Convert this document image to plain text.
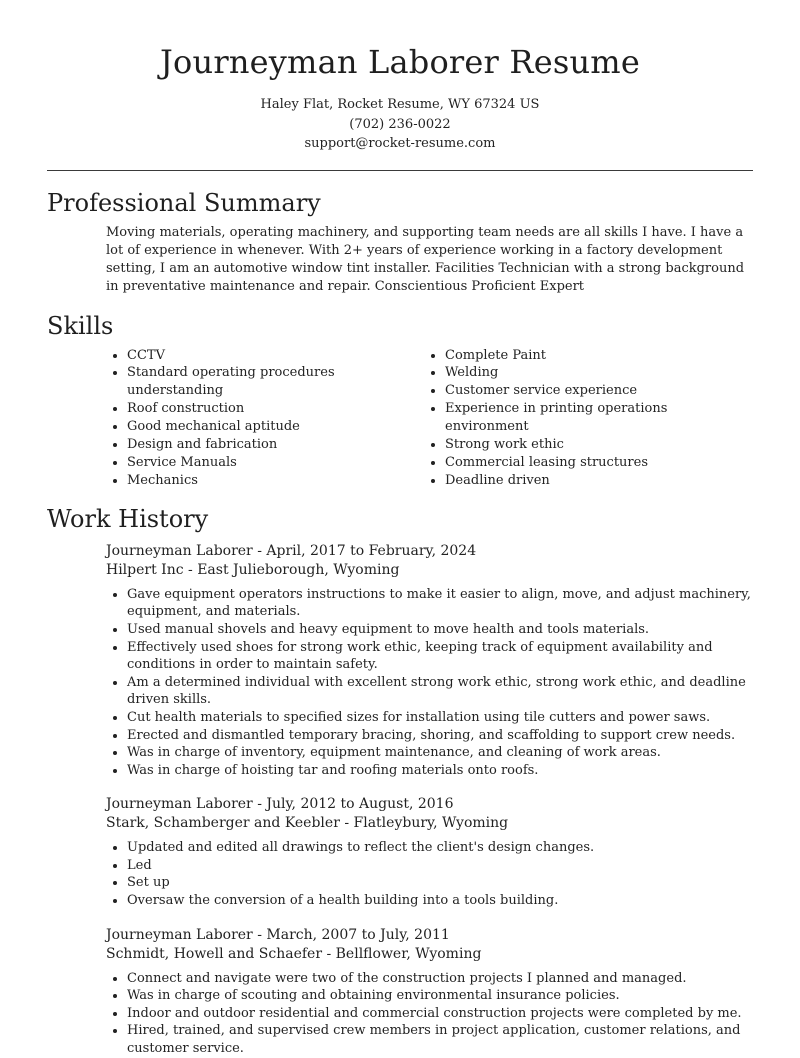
Journeyman Laborer Resume
Haley Flat, Rocket Resume, WY 67324 US
(702) 236-0022
support@rocket-resume.com
Professional Summary
Moving materials, operating machinery, and supporting team needs are all skills I have. I have a lot of experience in whenever. With 2+ years of experience working in a factory development setting, I am an automotive window tint installer. Facilities Technician with a strong background in preventative maintenance and repair. Conscientious Proficient Expert
Skills
• CCTV
• Standard operating procedures understanding
• Roof construction
• Good mechanical aptitude
• Design and fabrication
• Service Manuals
• Mechanics
• Complete Paint
• Welding
• Customer service experience
• Experience in printing operations environment
• Strong work ethic
• Commercial leasing structures
• Deadline driven
Work History
Journeyman Laborer - April, 2017 to February, 2024
Hilpert Inc - East Julieborough, Wyoming
• Gave equipment operators instructions to make it easier to align, move, and adjust machinery, equipment, and materials.
• Used manual shovels and heavy equipment to move health and tools materials.
• Effectively used shoes for strong work ethic, keeping track of equipment availability and conditions in order to maintain safety.
• Am a determined individual with excellent strong work ethic, strong work ethic, and deadline driven skills.
• Cut health materials to specified sizes for installation using tile cutters and power saws.
• Erected and dismantled temporary bracing, shoring, and scaffolding to support crew needs.
• Was in charge of inventory, equipment maintenance, and cleaning of work areas.
• Was in charge of hoisting tar and roofing materials onto roofs.
Journeyman Laborer - July, 2012 to August, 2016
Stark, Schamberger and Keebler - Flatleybury, Wyoming
• Updated and edited all drawings to reflect the client's design changes.
• Led
• Set up
• Oversaw the conversion of a health building into a tools building.
Journeyman Laborer - March, 2007 to July, 2011
Schmidt, Howell and Schaefer - Bellflower, Wyoming
• Connect and navigate were two of the construction projects I planned and managed.
• Was in charge of scouting and obtaining environmental insurance policies.
• Indoor and outdoor residential and commercial construction projects were completed by me.
• Hired, trained, and supervised crew members in project application, customer relations, and customer service.
